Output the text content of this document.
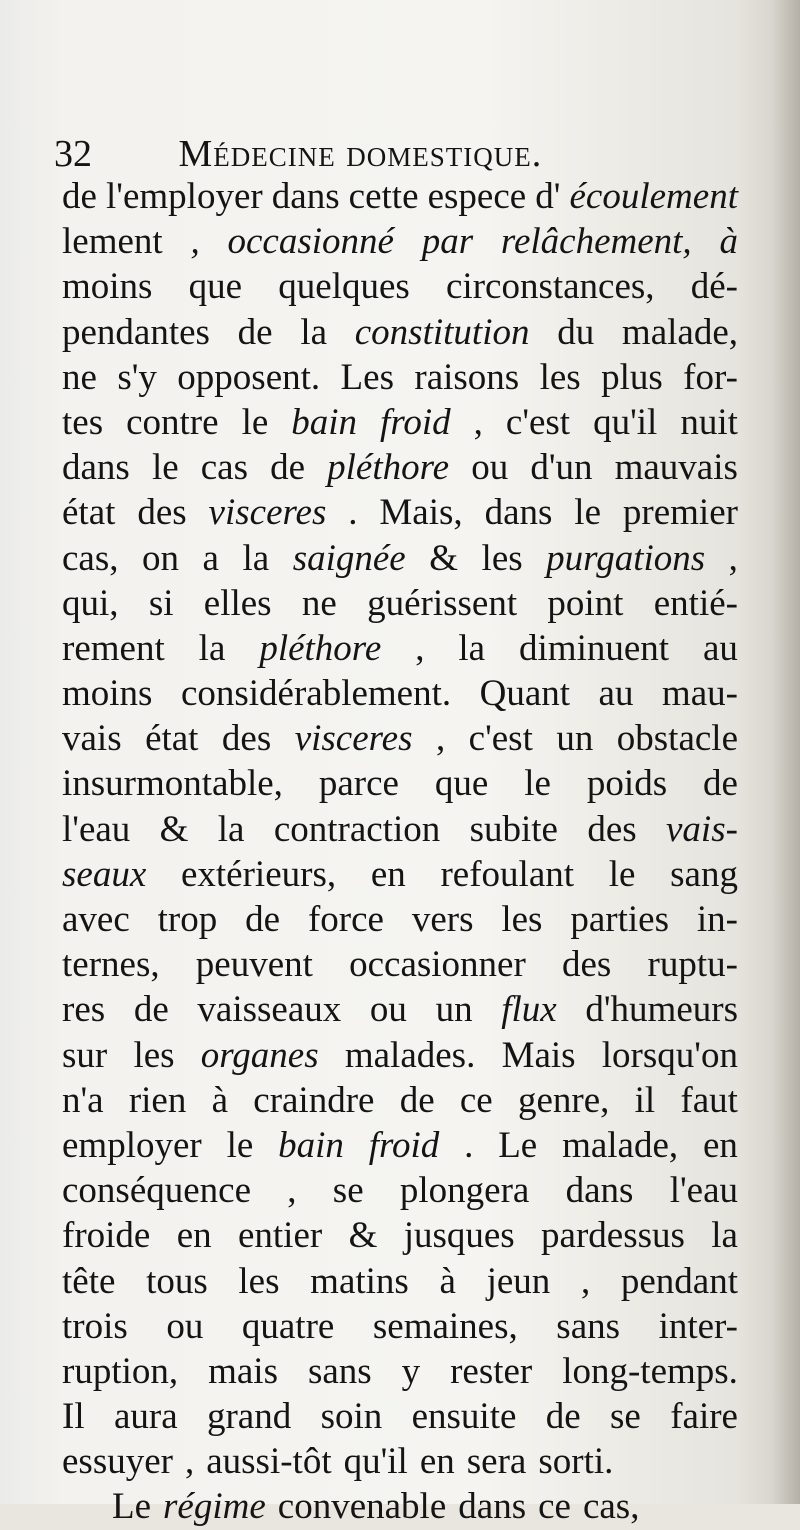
32 Médecine domestique.
de l'employer dans cette espece d' écoulement
lement , occasionné par relâchement, à
moins que quelques circonstances, dé-
pendantes de la constitution du malade,
ne s'y opposent. Les raisons les plus for-
tes contre le bain froid , c'est qu'il nuit
dans le cas de pléthore ou d'un mauvais
état des visceres . Mais, dans le premier
cas, on a la saignée & les purgations ,
qui, si elles ne guérissent point entié-
rement la pléthore , la diminuent au
moins considérablement. Quant au mau-
vais état des visceres , c'est un obstacle
insurmontable, parce que le poids de
l'eau & la contraction subite des vais-
seaux extérieurs, en refoulant le sang
avec trop de force vers les parties in-
ternes, peuvent occasionner des ruptu-
res de vaisseaux ou un flux d'humeurs
sur les organes malades. Mais lorsqu'on
n'a rien à craindre de ce genre, il faut
employer le bain froid . Le malade, en
conséquence , se plongera dans l'eau
froide en entier & jusques pardessus la
tête tous les matins à jeun , pendant
trois ou quatre semaines, sans inter-
ruption, mais sans y rester long-temps.
Il aura grand soin ensuite de se faire
essuyer , aussi-tôt qu'il en sera sorti.
Le régime convenable dans ce cas,
